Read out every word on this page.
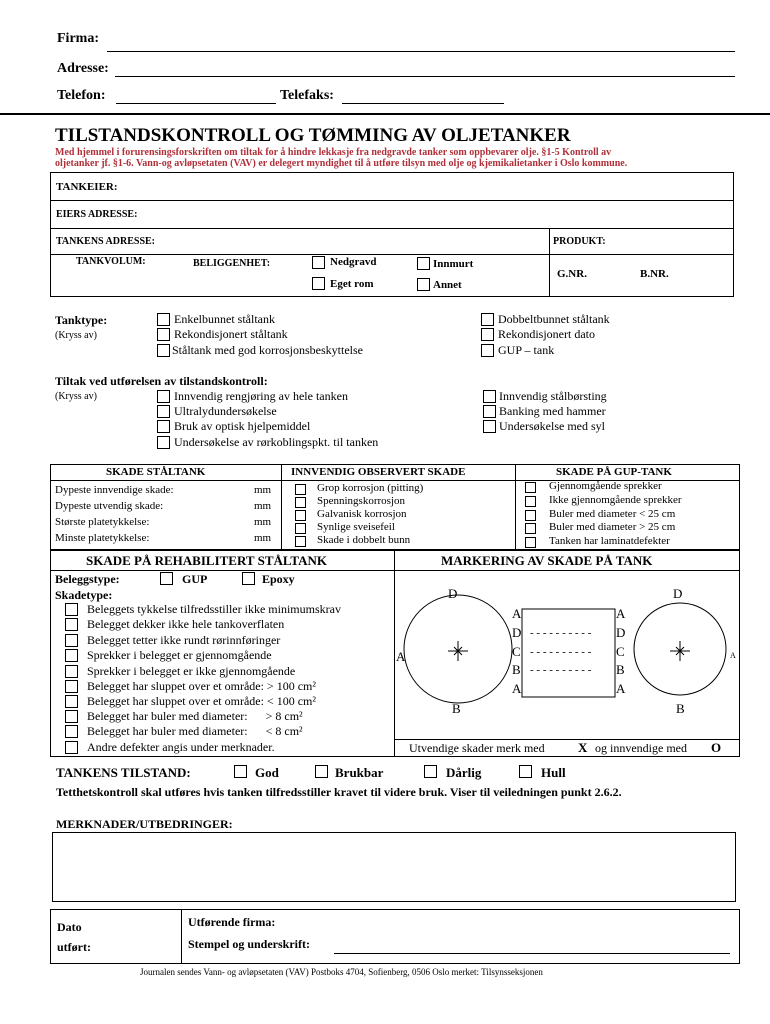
Firma:
Adresse:
Telefon:	Telefaks:
TILSTANDSKONTROLL OG TØMMING AV OLJETANKER
Med hjemmel i forurensingsforskriften om tiltak for å hindre lekkasje fra nedgravde tanker som oppbevarer olje. §1-5 Kontroll av
oljetanker jf. §1-6. Vann-og avløpsetaten (VAV) er delegert myndighet til å utføre tilsyn med olje og kjemikalietanker i Oslo kommune.
TANKEIER:
EIERS ADRESSE:
TANKENS ADRESSE:	PRODUKT:
TANKVOLUM:	BELIGGENHET:	Nedgravd	Innmurt
Eget rom	Annet
G.NR.	B.NR.
Tanktype:
(Kryss av)
Enkelbunnet ståltank
Rekondisjonert ståltank
Ståltank med god korrosjonsbeskyttelse
Dobbeltbunnet ståltank
Rekondisjonert dato
GUP – tank
Tiltak ved utførelsen av tilstandskontroll:
(Kryss av)	Innvendig rengjøring av hele tanken
Ultralydundersøkelse
Bruk av optisk hjelpemiddel
Undersøkelse av rørkoblingspkt. til tanken
Innvendig stålbørsting
Banking med hammer
Undersøkelse med syl
SKADE STÅLTANK	INNVENDIG OBSERVERT SKADE	SKADE PÅ GUP-TANK
Dypeste innvendige skade:	mm
Dypeste utvendig skade:	mm
Største platetykkelse:	mm
Minste platetykkelse:	mm
Grop korrosjon (pitting)
Spenningskorrosjon
Galvanisk korrosjon
Synlige sveisefeil
Skade i dobbelt bunn
Gjennomgående sprekker
Ikke gjennomgående sprekker
Buler med diameter < 25 cm
Buler med diameter > 25 cm
Tanken har laminatdefekter
SKADE PÅ REHABILITERT STÅLTANK	MARKERING AV SKADE PÅ TANK
Beleggstype:	GUP	Epoxy
Skadetype:
Beleggets tykkelse tilfredsstiller ikke minimumskrav
Belegget dekker ikke hele tankoverflaten
Belegget tetter ikke rundt rørinnføringer
Sprekker i belegget er gjennomgående
Sprekker i belegget er ikke gjennomgående
Belegget har sluppet over et område: > 100 cm²
Belegget har sluppet over et område: < 100 cm²
Belegget har buler med diameter:      > 8 cm²
Belegget har buler med diameter:      < 8 cm²
Andre defekter angis under merknader.
D
A
B
D
A
B
A
D
C
B
A
A
D
C
B
A
- - - - - - - - - -
- - - - - - - - - -
- - - - - - - - - -
Utvendige skader merk med	X og innvendige med O
TANKENS TILSTAND:	God	Brukbar	Dårlig	Hull
Tetthetskontroll skal utføres hvis tanken tilfredsstiller kravet til videre bruk. Viser til veiledningen punkt 2.6.2.
MERKNADER/UTBEDRINGER:
Dato
utført:
Utførende firma:
Stempel og underskrift:
Journalen sendes Vann- og avløpsetaten (VAV) Postboks 4704, Sofienberg, 0506 Oslo merket: Tilsynsseksjonen
